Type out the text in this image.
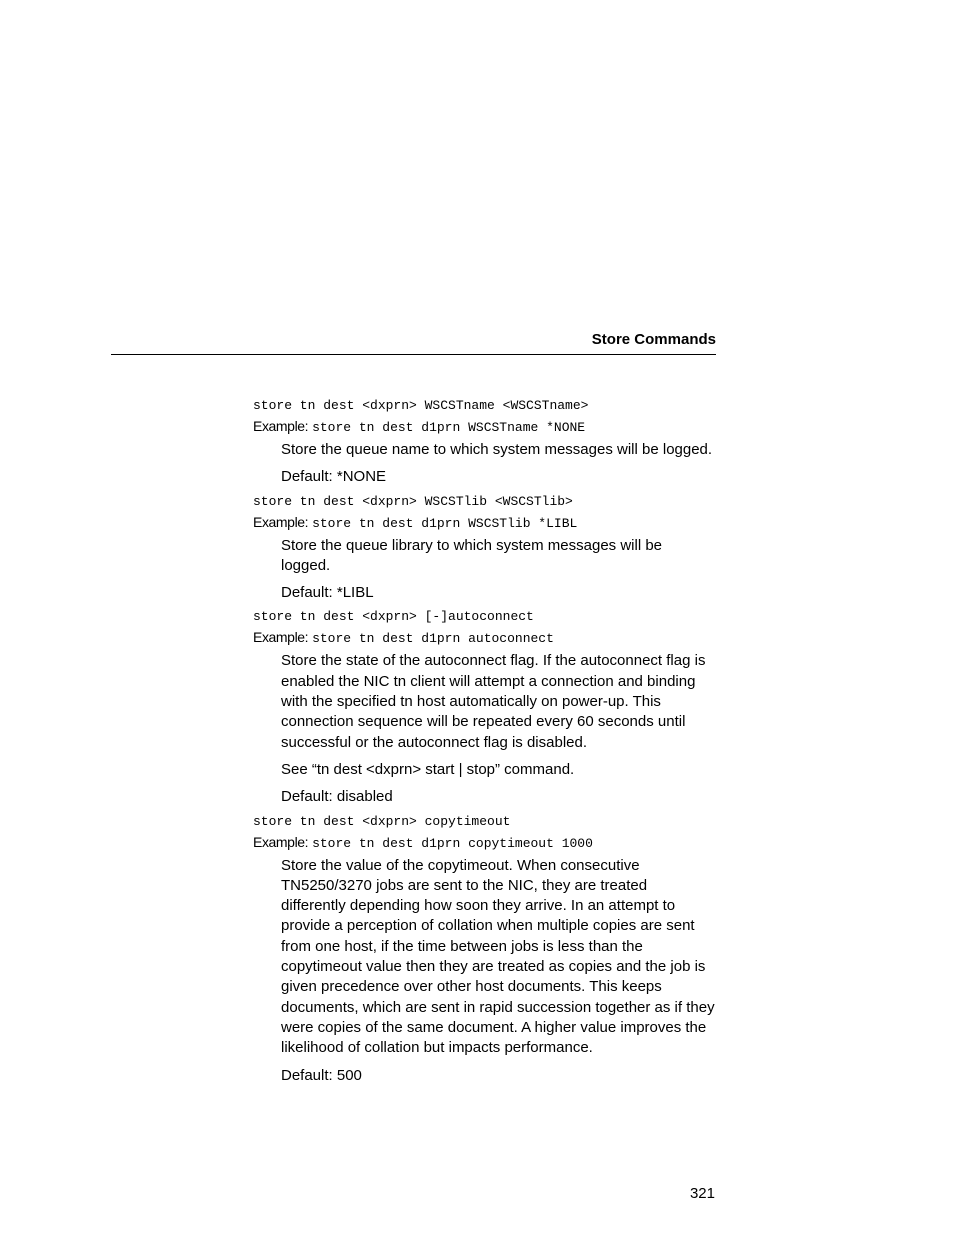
Store Commands
store tn dest <dxprn> WSCSTname <WSCSTname>
Example: store tn dest d1prn WSCSTname *NONE

Store the queue name to which system messages will be logged.

Default: *NONE

store tn dest <dxprn> WSCSTlib <WSCSTlib>
Example: store tn dest d1prn WSCSTlib *LIBL

Store the queue library to which system messages will be logged.

Default: *LIBL

store tn dest <dxprn> [-]autoconnect
Example: store tn dest d1prn autoconnect

Store the state of the autoconnect flag. If the autoconnect flag is enabled the NIC tn client will attempt a connection and binding with the specified tn host automatically on power-up. This connection sequence will be repeated every 60 seconds until successful or the autoconnect flag is disabled.

See “tn dest <dxprn> start | stop” command.

Default: disabled

store tn dest <dxprn> copytimeout
Example: store tn dest d1prn copytimeout 1000

Store the value of the copytimeout. When consecutive TN5250/3270 jobs are sent to the NIC, they are treated differently depending how soon they arrive. In an attempt to provide a perception of collation when multiple copies are sent from one host, if the time between jobs is less than the copytimeout value then they are treated as copies and the job is given precedence over other host documents. This keeps documents, which are sent in rapid succession together as if they were copies of the same document. A higher value improves the likelihood of collation but impacts performance.

Default: 500

321
